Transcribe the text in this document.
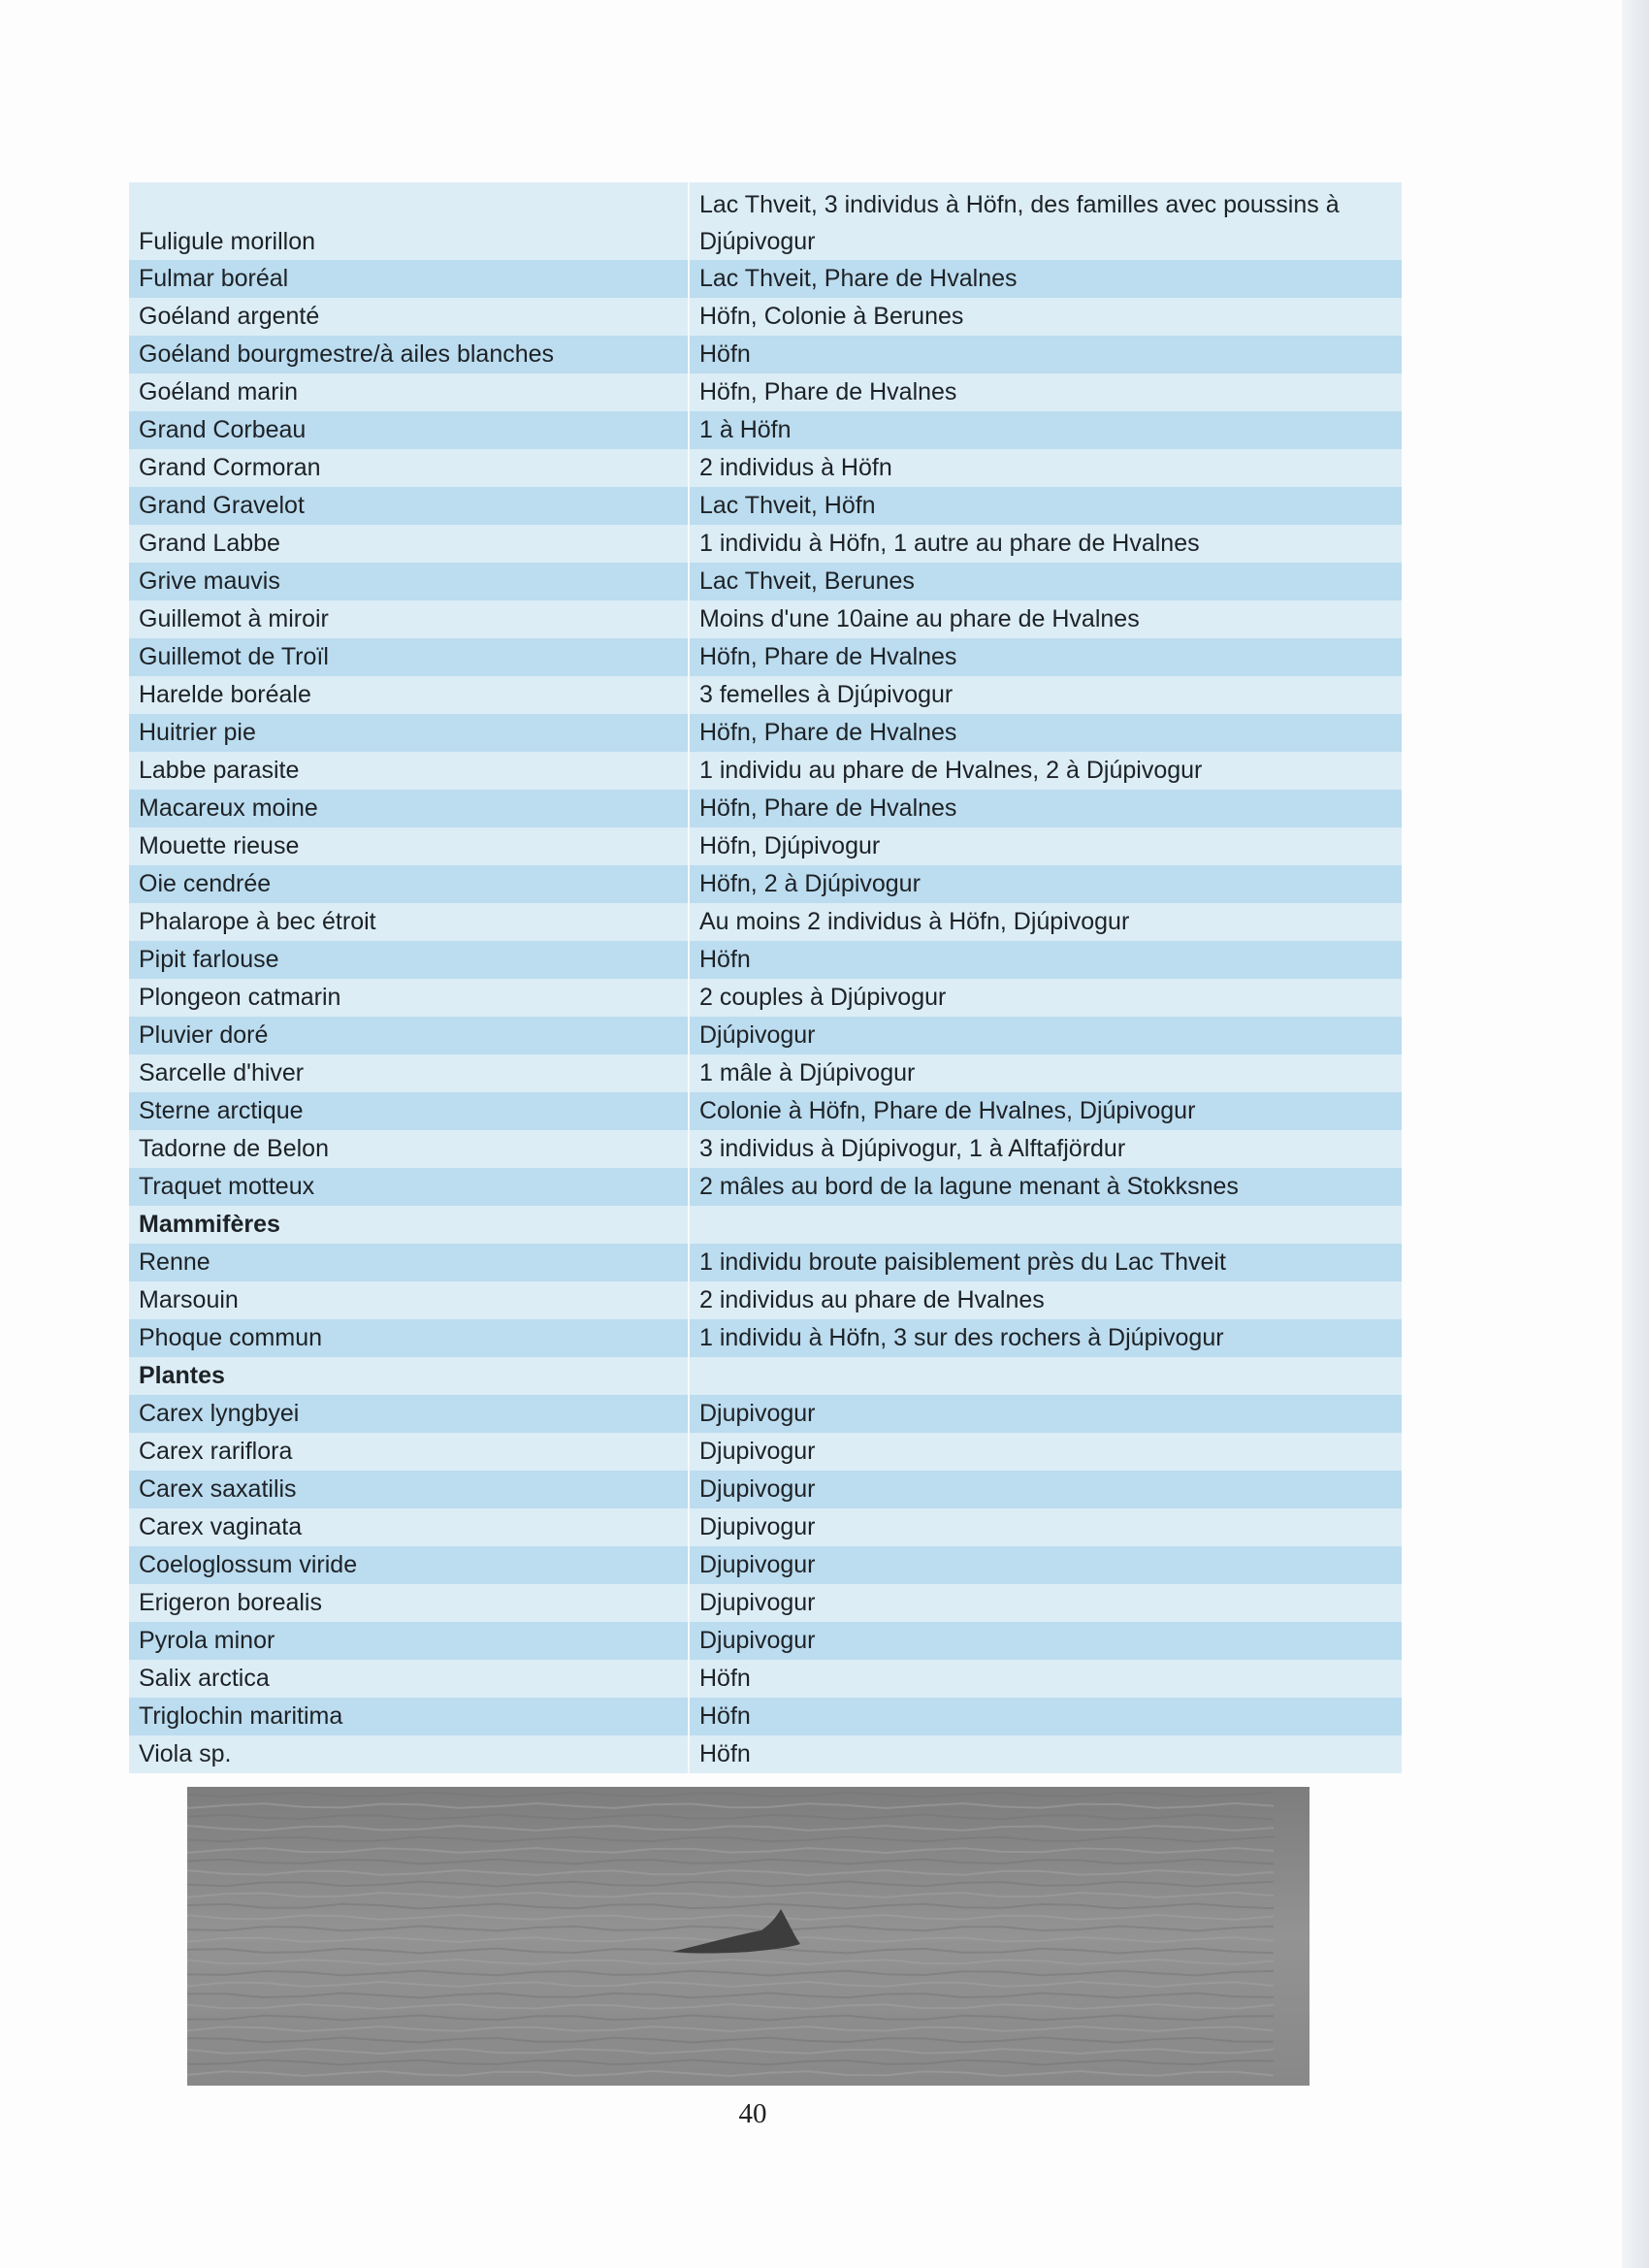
Fuligule morillon	Lac Thveit, 3 individus à Höfn, des familles avec poussins à Djúpivogur
Fulmar boréal	Lac Thveit, Phare de Hvalnes
Goéland argenté	Höfn, Colonie à Berunes
Goéland bourgmestre/à ailes blanches	Höfn
Goéland marin	Höfn, Phare de Hvalnes
Grand Corbeau	1 à Höfn
Grand Cormoran	2 individus à Höfn
Grand Gravelot	Lac Thveit, Höfn
Grand Labbe	1 individu à Höfn, 1 autre au phare de Hvalnes
Grive mauvis	Lac Thveit, Berunes
Guillemot à miroir	Moins d'une 10aine au phare de Hvalnes
Guillemot de Troïl	Höfn, Phare de Hvalnes
Harelde boréale	3 femelles à Djúpivogur
Huitrier pie	Höfn, Phare de Hvalnes
Labbe parasite	1 individu au phare de Hvalnes, 2 à Djúpivogur
Macareux moine	Höfn, Phare de Hvalnes
Mouette rieuse	Höfn, Djúpivogur
Oie cendrée	Höfn, 2 à Djúpivogur
Phalarope à bec étroit	Au moins 2 individus à Höfn, Djúpivogur
Pipit farlouse	Höfn
Plongeon catmarin	2 couples à Djúpivogur
Pluvier doré	Djúpivogur
Sarcelle d'hiver	1 mâle à Djúpivogur
Sterne arctique	Colonie à Höfn, Phare de Hvalnes, Djúpivogur
Tadorne de Belon	3 individus à Djúpivogur, 1 à Alftafjördur
Traquet motteux	2 mâles au bord de la lagune menant à Stokksnes
Mammifères	
Renne	1 individu broute paisiblement près du Lac Thveit
Marsouin	2 individus au phare de Hvalnes
Phoque commun	1 individu à Höfn, 3 sur des rochers à Djúpivogur
Plantes	
Carex lyngbyei	Djupivogur
Carex rariflora	Djupivogur
Carex saxatilis	Djupivogur
Carex vaginata	Djupivogur
Coeloglossum viride	Djupivogur
Erigeron borealis	Djupivogur
Pyrola minor	Djupivogur
Salix arctica	Höfn
Triglochin maritima	Höfn
Viola sp.	Höfn
40
